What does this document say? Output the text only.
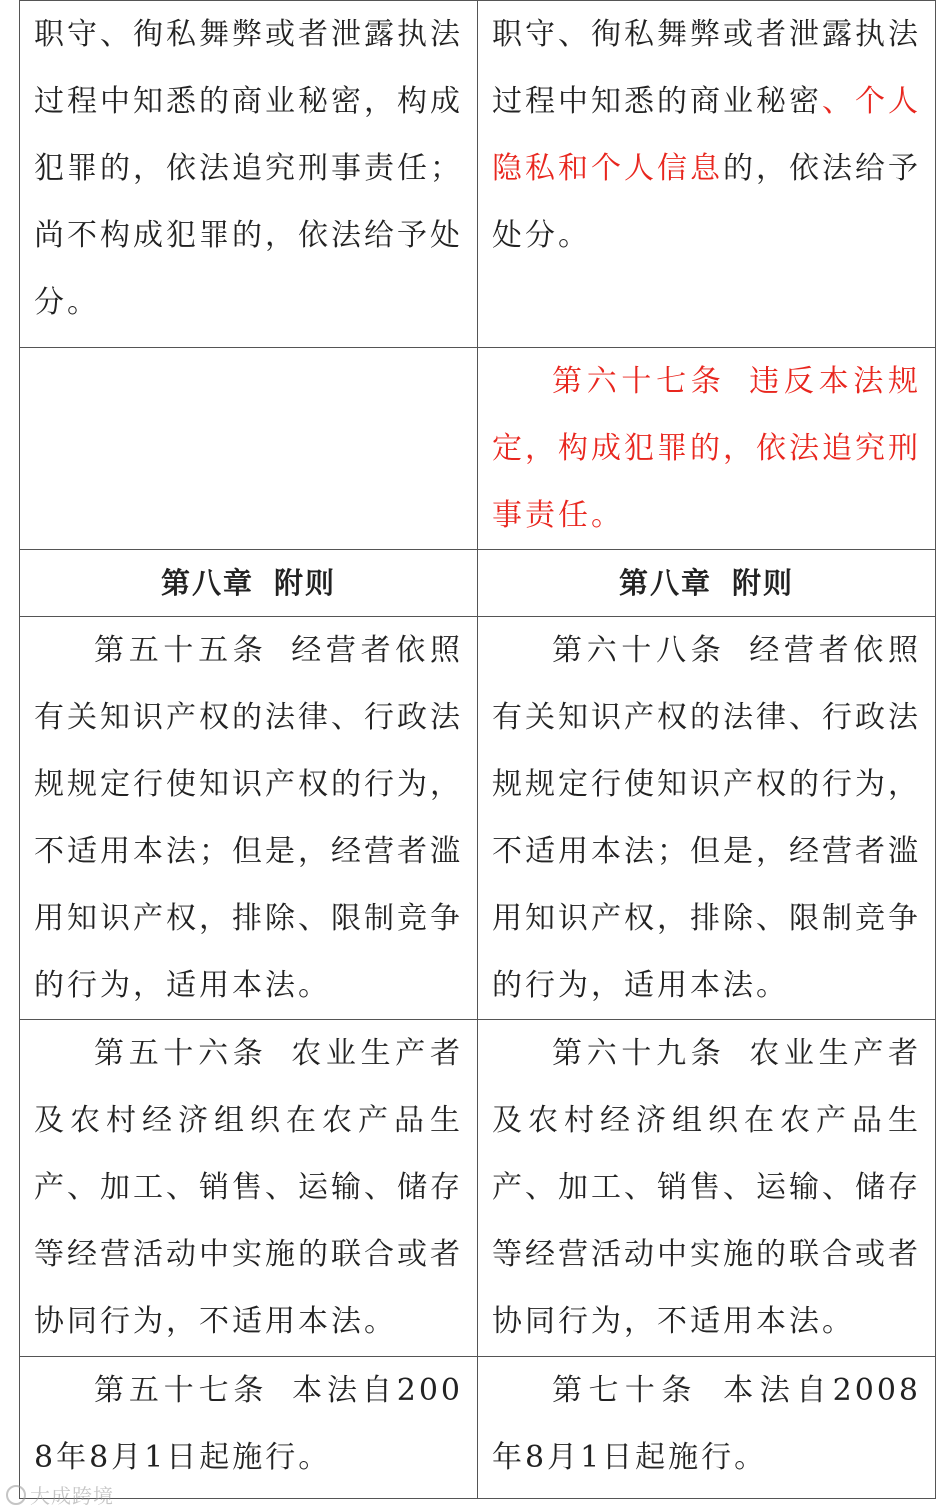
职守、徇私舞弊或者泄露执法过程中知悉的商业秘密，构成犯罪的，依法追究刑事责任；尚不构成犯罪的，依法给予处分。	职守、徇私舞弊或者泄露执法过程中知悉的商业秘密、个人隐私和个人信息的，依法给予处分。
	第六十七条 违反本法规定，构成犯罪的，依法追究刑事责任。
第八章 附则	第八章 附则
第五十五条 经营者依照有关知识产权的法律、行政法规规定行使知识产权的行为，不适用本法；但是，经营者滥用知识产权，排除、限制竞争的行为，适用本法。	第六十八条 经营者依照有关知识产权的法律、行政法规规定行使知识产权的行为，不适用本法；但是，经营者滥用知识产权，排除、限制竞争的行为，适用本法。
第五十六条 农业生产者及农村经济组织在农产品生产、加工、销售、运输、储存等经营活动中实施的联合或者协同行为，不适用本法。	第六十九条 农业生产者及农村经济组织在农产品生产、加工、销售、运输、储存等经营活动中实施的联合或者协同行为，不适用本法。
第五十七条 本法自2008年8月1日起施行。	第七十条 本法自2008年8月1日起施行。
大成跨境
